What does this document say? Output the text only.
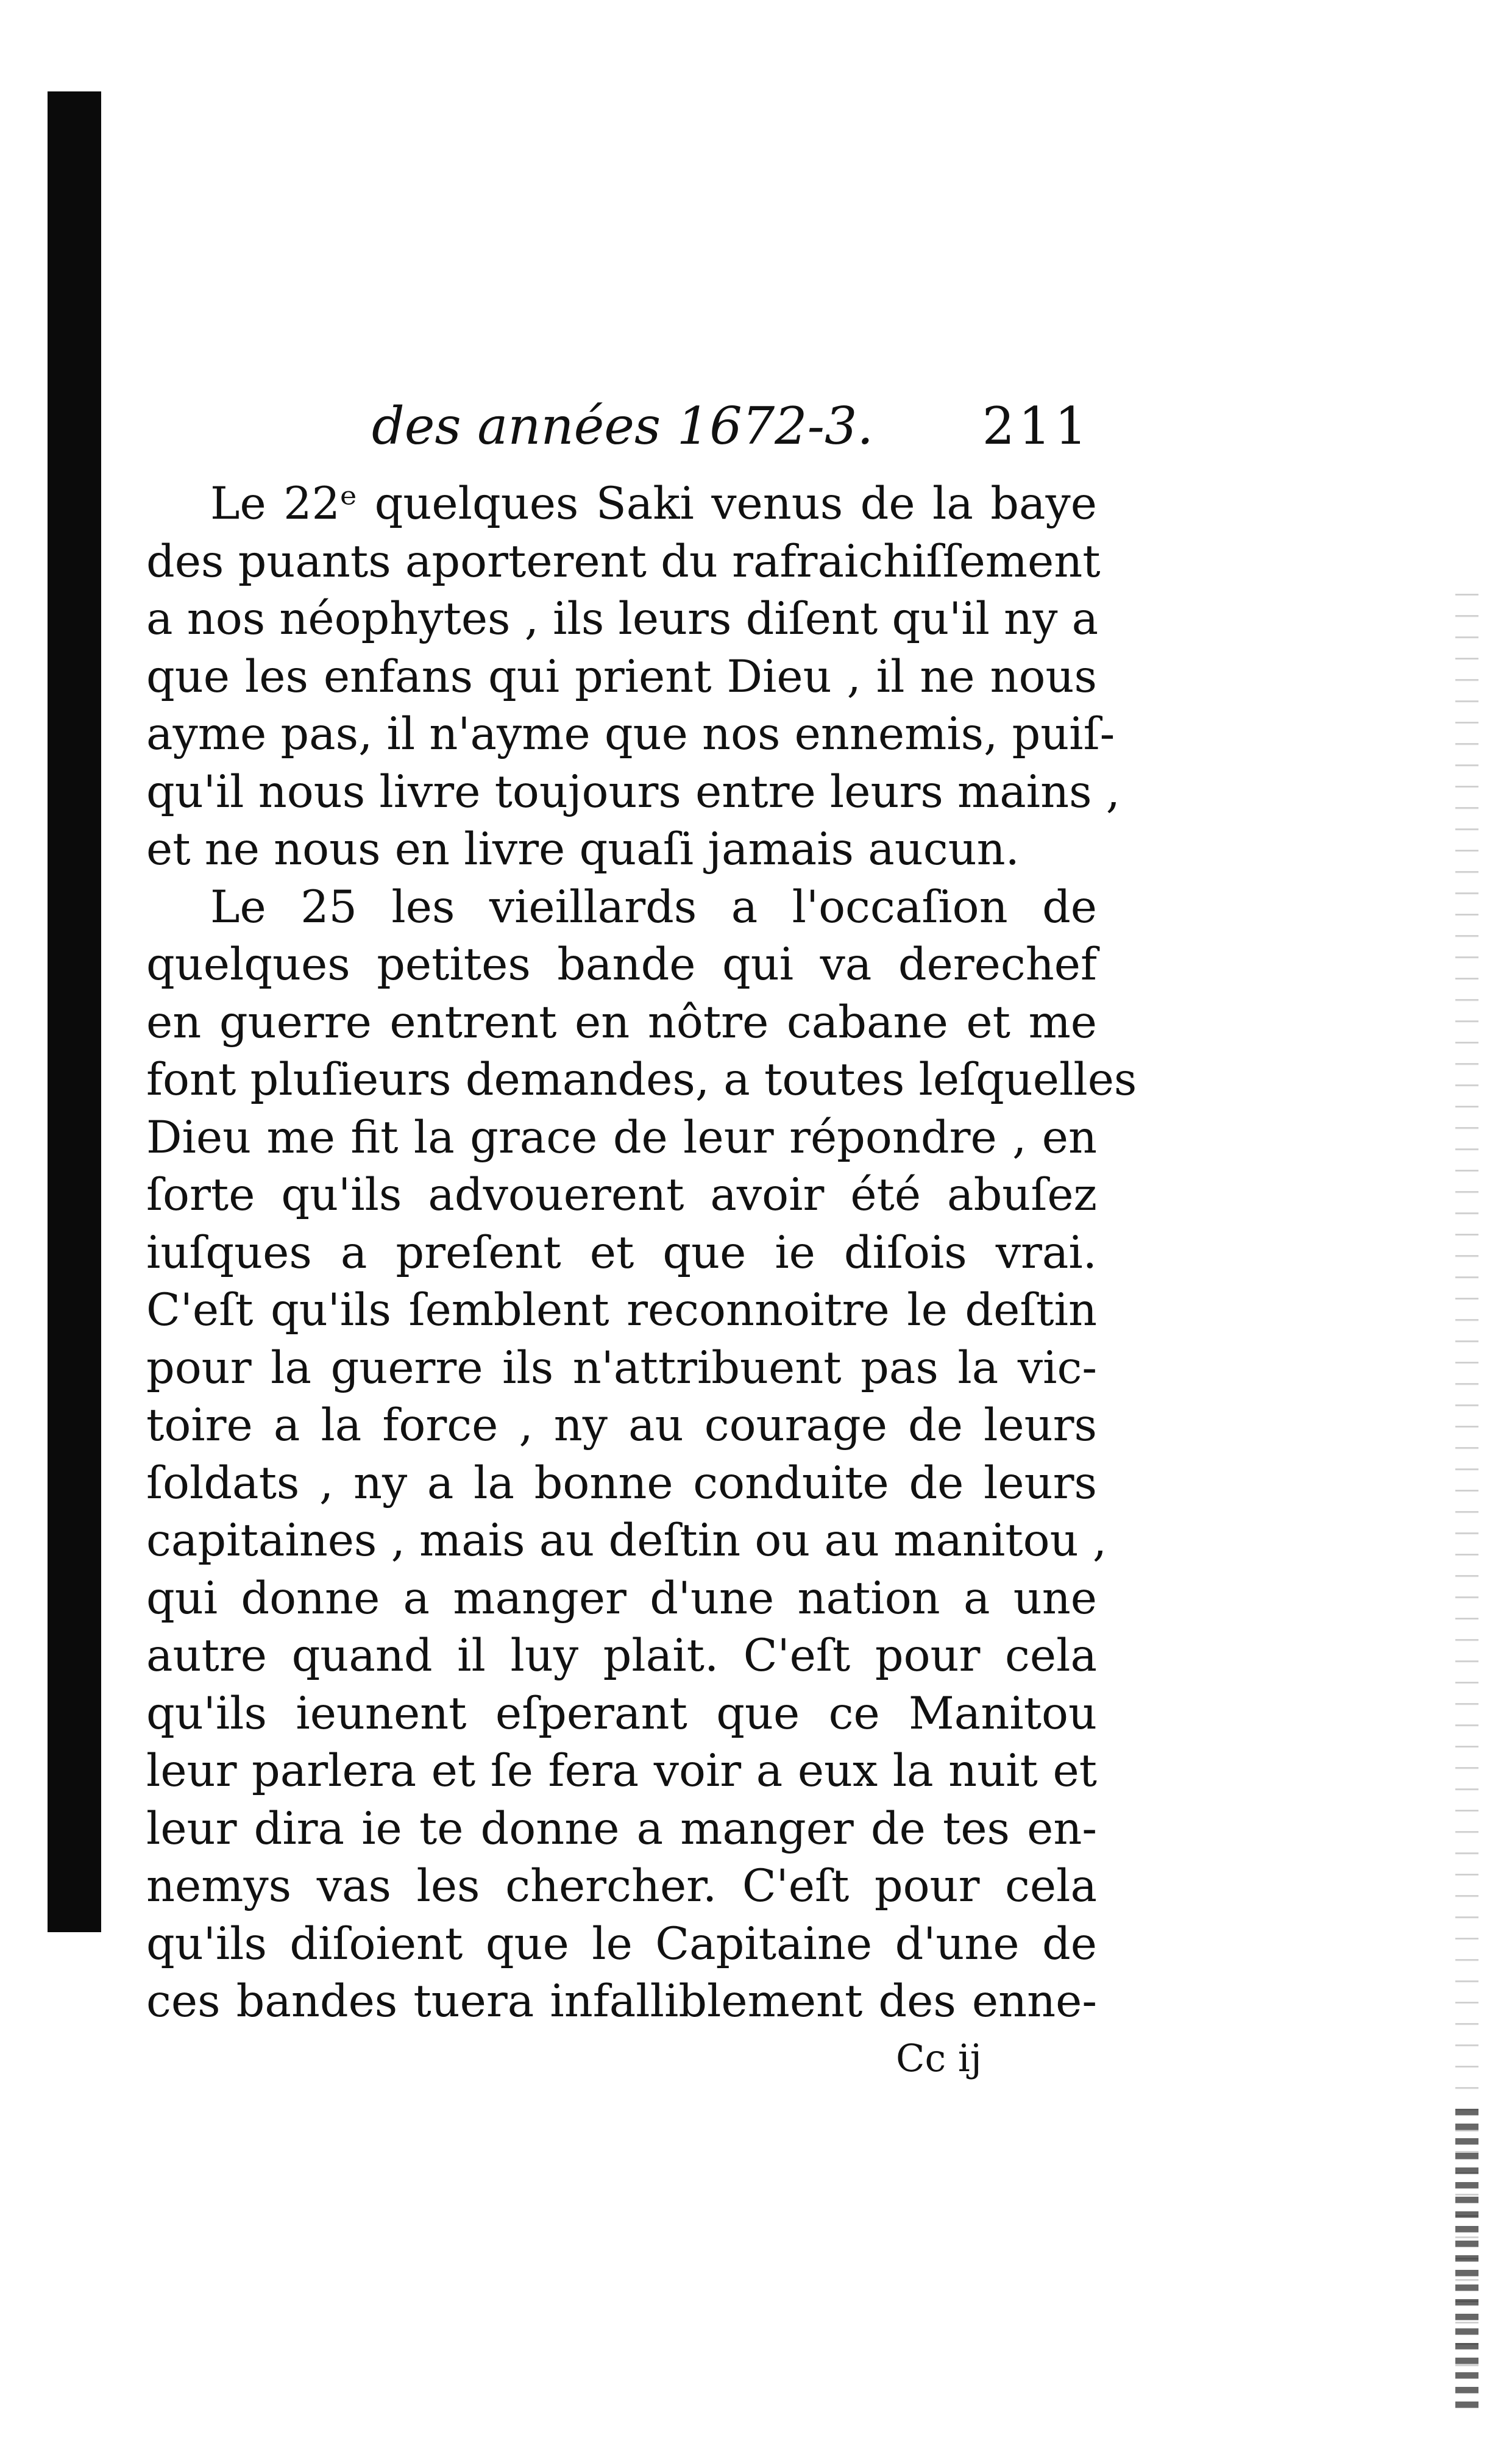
des années 1672-3. 211
Le 22ᵉ quelques Saki venus de la baye
des puants aporterent du rafraichiſſement
a nos néophytes , ils leurs diſent qu'il ny a
que les enfans qui prient Dieu , il ne nous
ayme pas, il n'ayme que nos ennemis, puiſ-
qu'il nous livre toujours entre leurs mains ,
et ne nous en livre quaſi jamais aucun.
Le 25 les vieillards a l'occaſion de
quelques petites bande qui va derechef
en guerre entrent en nôtre cabane et me
font pluſieurs demandes, a toutes leſquelles
Dieu me fit la grace de leur répondre , en
ſorte qu'ils advouerent avoir été abuſez
iuſques a preſent et que ie diſois vrai.
C'eſt qu'ils ſemblent reconnoitre le deſtin
pour la guerre ils n'attribuent pas la vic-
toire a la force , ny au courage de leurs
ſoldats , ny a la bonne conduite de leurs
capitaines , mais au deſtin ou au manitou ,
qui donne a manger d'une nation a une
autre quand il luy plait. C'eſt pour cela
qu'ils ieunent eſperant que ce Manitou
leur parlera et ſe fera voir a eux la nuit et
leur dira ie te donne a manger de tes en-
nemys vas les chercher. C'eſt pour cela
qu'ils diſoient que le Capitaine d'une de
ces bandes tuera infalliblement des enne-
Cc ij
